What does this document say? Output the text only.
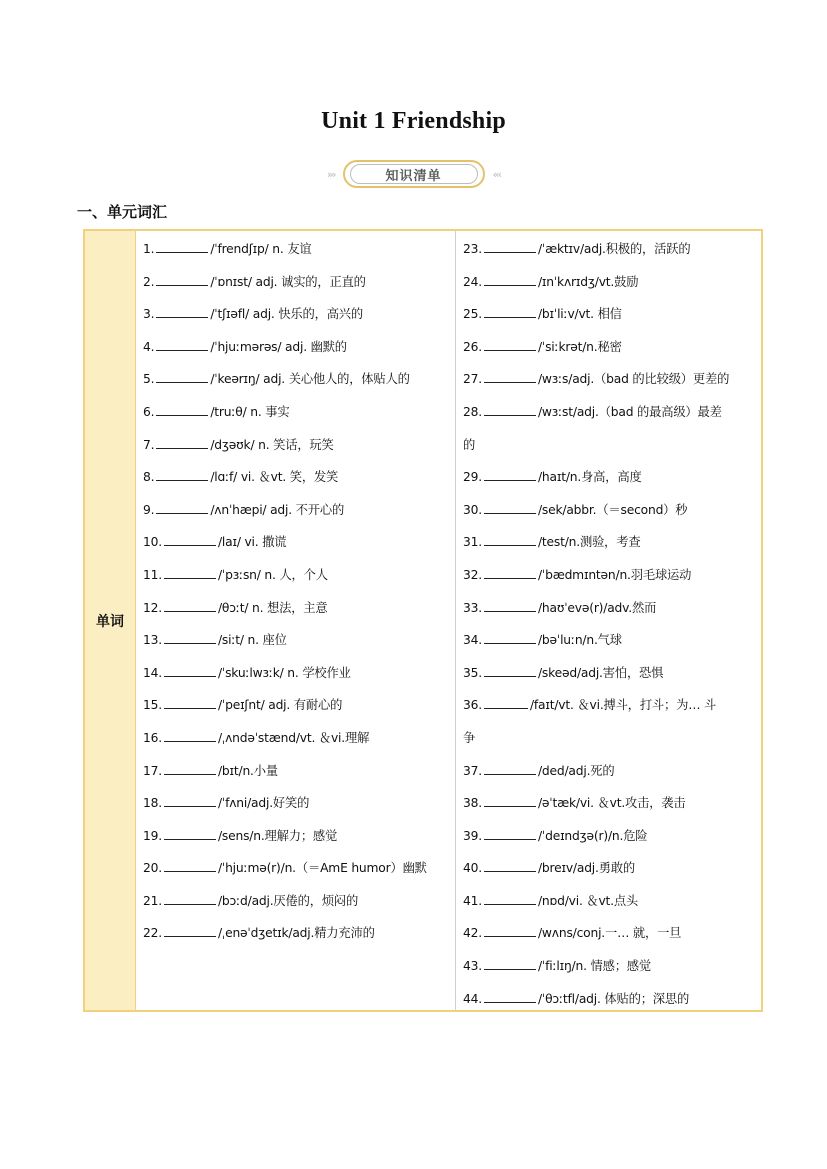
Unit 1 Friendship
›››	知识清单	‹‹‹
一、单元词汇
单词
1.	/ˈfrendʃɪp/ n. 友谊
2.	/ˈɒnɪst/ adj. 诚实的，正直的
3.	/ˈtʃɪəfl/ adj. 快乐的，高兴的
4.	/ˈhjuːmərəs/ adj. 幽默的
5.	/ˈkeərɪŋ/ adj. 关心他人的，体贴人的
6.	/truːθ/ n. 事实
7.	/dʒəʊk/ n. 笑话，玩笑
8.	/lɑːf/ vi. ＆vt. 笑，发笑
9.	/ʌnˈhæpi/ adj. 不开心的
10.	/laɪ/ vi. 撒谎
11.	/ˈpɜːsn/ n. 人，个人
12.	/θɔːt/ n. 想法，主意
13.	/siːt/ n. 座位
14.	/ˈskuːlwɜːk/ n. 学校作业
15.	/ˈpeɪʃnt/ adj. 有耐心的
16.	/ˌʌndəˈstænd/vt. ＆vi.理解
17.	/bɪt/n.小量
18.	/ˈfʌni/adj.好笑的
19.	/sens/n.理解力；感觉
20.	/ˈhjuːmə(r)/n.（＝AmE humor）幽默
21.	/bɔːd/adj.厌倦的，烦闷的
22.	/ˌenəˈdʒetɪk/adj.精力充沛的
23.	/ˈæktɪv/adj.积极的，活跃的
24.	/ɪnˈkʌrɪdʒ/vt.鼓励
25.	/bɪˈliːv/vt. 相信
26.	/ˈsiːkrət/n.秘密
27.	/wɜːs/adj.（bad 的比较级）更差的
28.	/wɜːst/adj.（bad 的最高级）最差
的
29.	/haɪt/n.身高，高度
30.	/sek/abbr.（＝second）秒
31.	/test/n.测验，考查
32.	/ˈbædmɪntən/n.羽毛球运动
33.	/haʊˈevə(r)/adv.然而
34.	/bəˈluːn/n.气球
35.	/skeəd/adj.害怕，恐惧
36.	/faɪt/vt. ＆vi.搏斗，打斗；为… 斗
争
37.	/ded/adj.死的
38.	/əˈtæk/vi. ＆vt.攻击，袭击
39.	/ˈdeɪndʒə(r)/n.危险
40.	/breɪv/adj.勇敢的
41.	/nɒd/vi. ＆vt.点头
42.	/wʌns/conj.一… 就，一旦
43.	/ˈfiːlɪŋ/n. 情感；感觉
44.	/ˈθɔːtfl/adj. 体贴的；深思的
